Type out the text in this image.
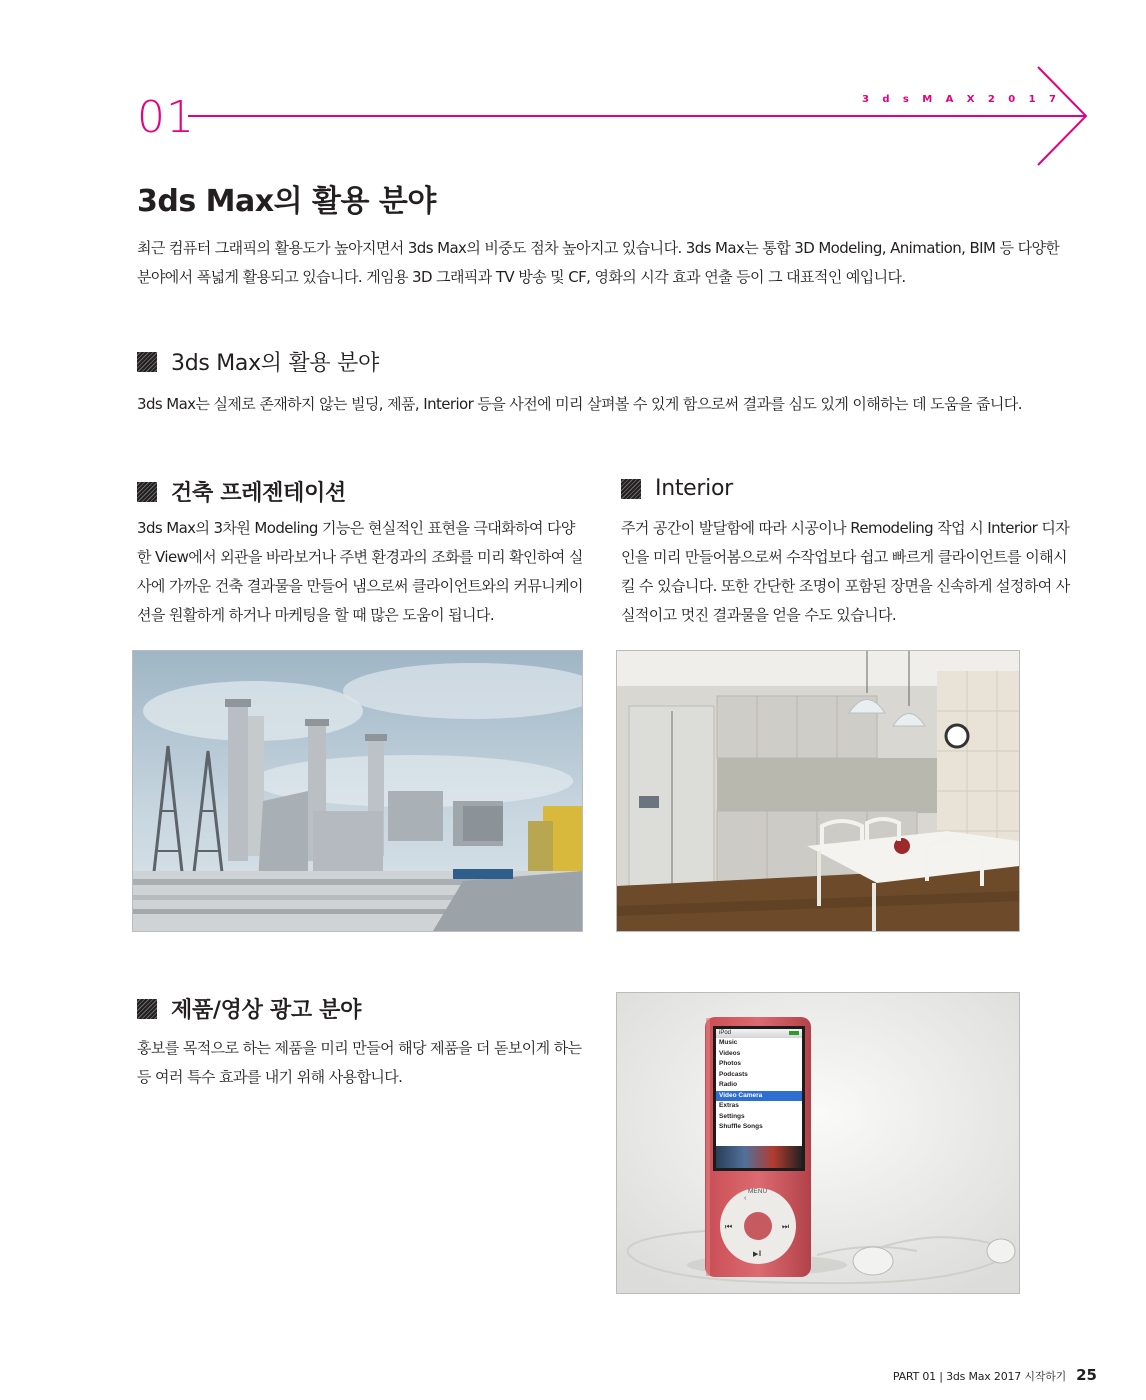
01	3dsMAX2017
3ds Max의 활용 분야
최근 컴퓨터 그래픽의 활용도가 높아지면서 3ds Max의 비중도 점차 높아지고 있습니다. 3ds Max는 통합 3D Modeling, Animation, BIM 등 다양한 분야에서 폭넓게 활용되고 있습니다. 게임용 3D 그래픽과 TV 방송 및 CF, 영화의 시각 효과 연출 등이 그 대표적인 예입니다.
3ds Max의 활용 분야
3ds Max는 실제로 존재하지 않는 빌딩, 제품, Interior 등을 사전에 미리 살펴볼 수 있게 함으로써 결과를 심도 있게 이해하는 데 도움을 줍니다.
건축 프레젠테이션
3ds Max의 3차원 Modeling 기능은 현실적인 표현을 극대화하여 다양한 View에서 외관을 바라보거나 주변 환경과의 조화를 미리 확인하여 실사에 가까운 건축 결과물을 만들어 냄으로써 클라이언트와의 커뮤니케이션을 원활하게 하거나 마케팅을 할 때 많은 도움이 됩니다.
Interior
주거 공간이 발달함에 따라 시공이나 Remodeling 작업 시 Interior 디자인을 미리 만들어봄으로써 수작업보다 쉽고 빠르게 클라이언트를 이해시킬 수 있습니다. 또한 간단한 조명이 포함된 장면을 신속하게 설정하여 사실적이고 멋진 결과물을 얻을 수도 있습니다.
제품/영상 광고 분야
홍보를 목적으로 하는 제품을 미리 만들어 해당 제품을 더 돋보이게 하는 등 여러 특수 효과를 내기 위해 사용합니다.
‹
⏮	⏭
▶‖
iPod
Music
Videos
Photos
Podcasts
Radio
Video Camera
Extras
Settings
Shuffle Songs
MENU
PART 01 | 3ds Max 2017 시작하기 25
